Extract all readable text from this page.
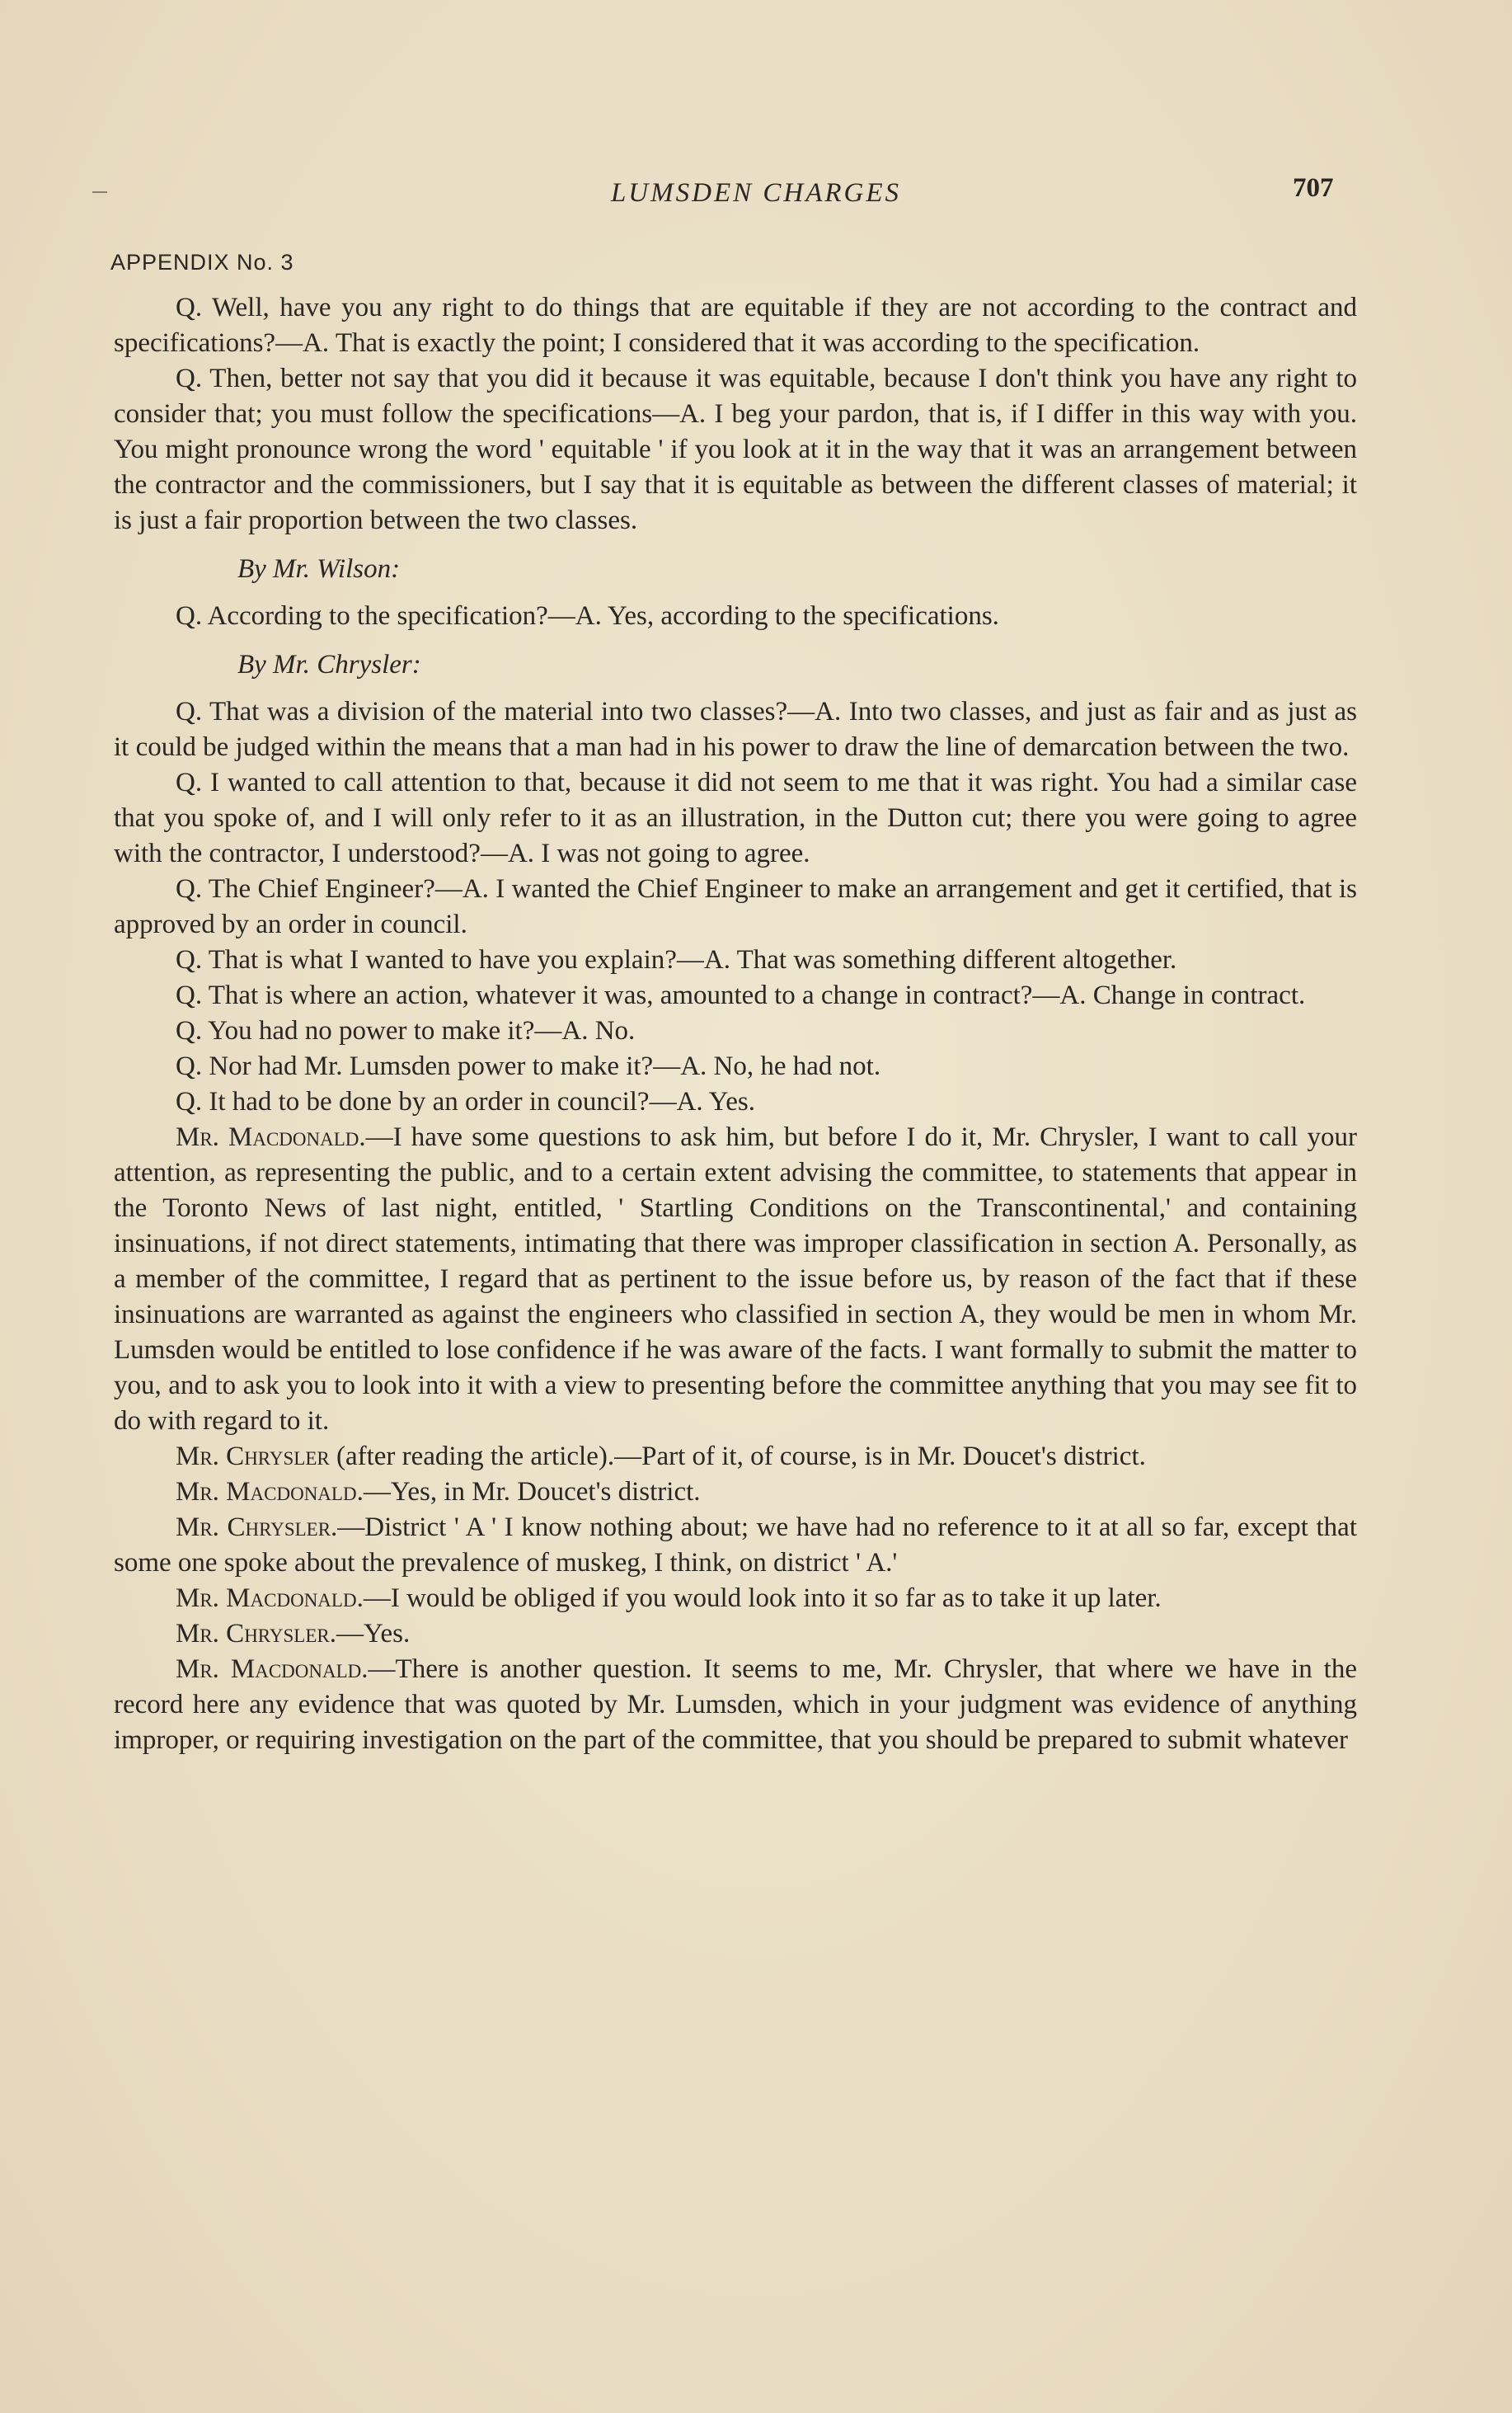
LUMSDEN CHARGES	707
APPENDIX No. 3

Q. Well, have you any right to do things that are equitable if they are not according to the contract and specifications?—A. That is exactly the point; I considered that it was according to the specification.

Q. Then, better not say that you did it because it was equitable, because I don't think you have any right to consider that; you must follow the specifications—A. I beg your pardon, that is, if I differ in this way with you. You might pronounce wrong the word ' equitable ' if you look at it in the way that it was an arrangement between the contractor and the commissioners, but I say that it is equitable as between the different classes of material; it is just a fair proportion between the two classes.

By Mr. Wilson:

Q. According to the specification?—A. Yes, according to the specifications.

By Mr. Chrysler:

Q. That was a division of the material into two classes?—A. Into two classes, and just as fair and as just as it could be judged within the means that a man had in his power to draw the line of demarcation between the two.

Q. I wanted to call attention to that, because it did not seem to me that it was right. You had a similar case that you spoke of, and I will only refer to it as an illustration, in the Dutton cut; there you were going to agree with the contractor, I understood?—A. I was not going to agree.

Q. The Chief Engineer?—A. I wanted the Chief Engineer to make an arrangement and get it certified, that is approved by an order in council.

Q. That is what I wanted to have you explain?—A. That was something different altogether.

Q. That is where an action, whatever it was, amounted to a change in contract?—A. Change in contract.

Q. You had no power to make it?—A. No.

Q. Nor had Mr. Lumsden power to make it?—A. No, he had not.

Q. It had to be done by an order in council?—A. Yes.

Mr. Macdonald.—I have some questions to ask him, but before I do it, Mr. Chrysler, I want to call your attention, as representing the public, and to a certain extent advising the committee, to statements that appear in the Toronto News of last night, entitled, ' Startling Conditions on the Transcontinental,' and containing insinuations, if not direct statements, intimating that there was improper classification in section A. Personally, as a member of the committee, I regard that as pertinent to the issue before us, by reason of the fact that if these insinuations are warranted as against the engineers who classified in section A, they would be men in whom Mr. Lumsden would be entitled to lose confidence if he was aware of the facts. I want formally to submit the matter to you, and to ask you to look into it with a view to presenting before the committee anything that you may see fit to do with regard to it.

Mr. Chrysler (after reading the article).—Part of it, of course, is in Mr. Doucet's district.

Mr. Macdonald.—Yes, in Mr. Doucet's district.

Mr. Chrysler.—District ' A ' I know nothing about; we have had no reference to it at all so far, except that some one spoke about the prevalence of muskeg, I think, on district ' A.'

Mr. Macdonald.—I would be obliged if you would look into it so far as to take it up later.

Mr. Chrysler.—Yes.

Mr. Macdonald.—There is another question. It seems to me, Mr. Chrysler, that where we have in the record here any evidence that was quoted by Mr. Lumsden, which in your judgment was evidence of anything improper, or requiring investigation on the part of the committee, that you should be prepared to submit whatever
